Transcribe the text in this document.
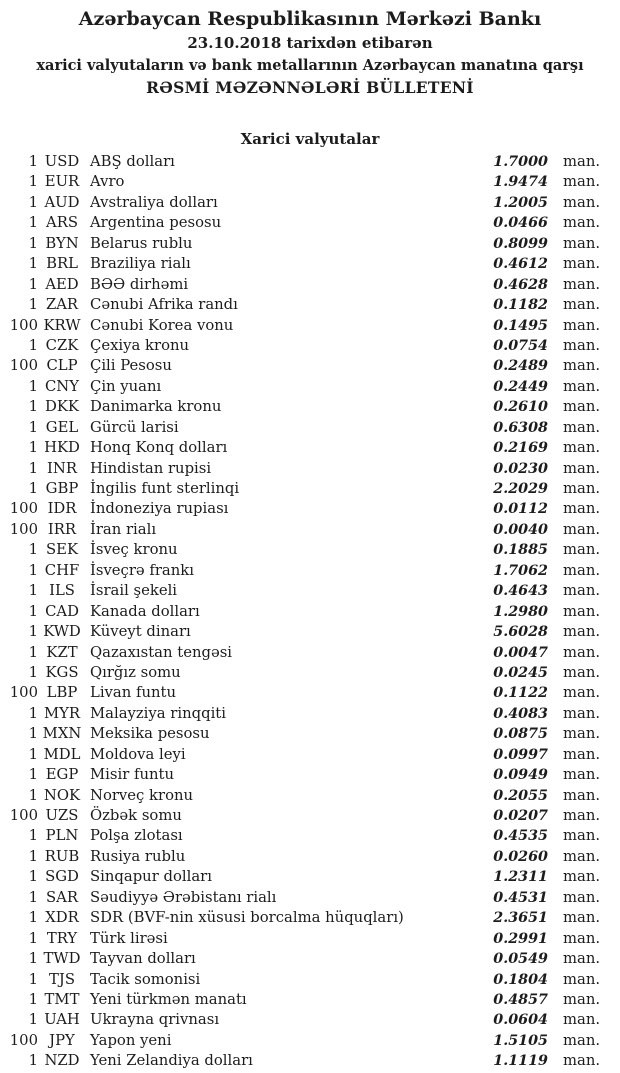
Azərbaycan Respublikasının Mərkəzi Bankı
23.10.2018 tarixdən etibarən
xarici valyutaların və bank metallarının Azərbaycan manatına qarşı
RƏSMİ MƏZƏNNƏLƏRİ BÜLLETENİ
Xarici valyutalar
1 USD ABŞ dolları	1.7000	man.
1 EUR Avro	1.9474	man.
1 AUD Avstraliya dolları	1.2005	man.
1 ARS Argentina pesosu	0.0466	man.
1 BYN Belarus rublu	0.8099	man.
1 BRL Braziliya rialı	0.4612	man.
1 AED BƏƏ dirhəmi	0.4628	man.
1 ZAR Cənubi Afrika randı	0.1182	man.
100 KRW Cənubi Korea vonu	0.1495	man.
1 CZK Çexiya kronu	0.0754	man.
100 CLP Çili Pesosu	0.2489	man.
1 CNY Çin yuanı	0.2449	man.
1 DKK Danimarka kronu	0.2610	man.
1 GEL Gürcü larisi	0.6308	man.
1 HKD Honq Konq dolları	0.2169	man.
1 INR Hindistan rupisi	0.0230	man.
1 GBP İngilis funt sterlinqi	2.2029	man.
100 IDR İndoneziya rupiası	0.0112	man.
100 IRR İran rialı	0.0040	man.
1 SEK İsveç kronu	0.1885	man.
1 CHF İsveçrə frankı	1.7062	man.
1 ILS	İsrail şekeli	0.4643	man.
1 CAD Kanada dolları	1.2980	man.
1 KWD Küveyt dinarı	5.6028	man.
1 KZT Qazaxıstan tengəsi	0.0047	man.
1 KGS Qırğız somu	0.0245	man.
100 LBP Livan funtu	0.1122	man.
1 MYR Malayziya rinqqiti	0.4083	man.
1 MXN Meksika pesosu	0.0875	man.
1 MDL Moldova leyi	0.0997	man.
1 EGP Misir funtu	0.0949	man.
1 NOK Norveç kronu	0.2055	man.
100 UZS Özbək somu	0.0207	man.
1 PLN Polşa zlotası	0.4535	man.
1 RUB Rusiya rublu	0.0260	man.
1 SGD Sinqapur dolları	1.2311	man.
1 SAR Səudiyyə Ərəbistanı rialı	0.4531	man.
1 XDR SDR (BVF-nin xüsusi borcalma hüquqları)	2.3651	man.
1 TRY Türk lirəsi	0.2991	man.
1 TWD Tayvan dolları	0.0549	man.
1 TJS	Tacik somonisi	0.1804	man.
1 TMT Yeni türkmən manatı	0.4857	man.
1 UAH Ukrayna qrivnası	0.0604	man.
100 JPY	Yapon yeni	1.5105	man.
1 NZD Yeni Zelandiya dolları	1.1119	man.
